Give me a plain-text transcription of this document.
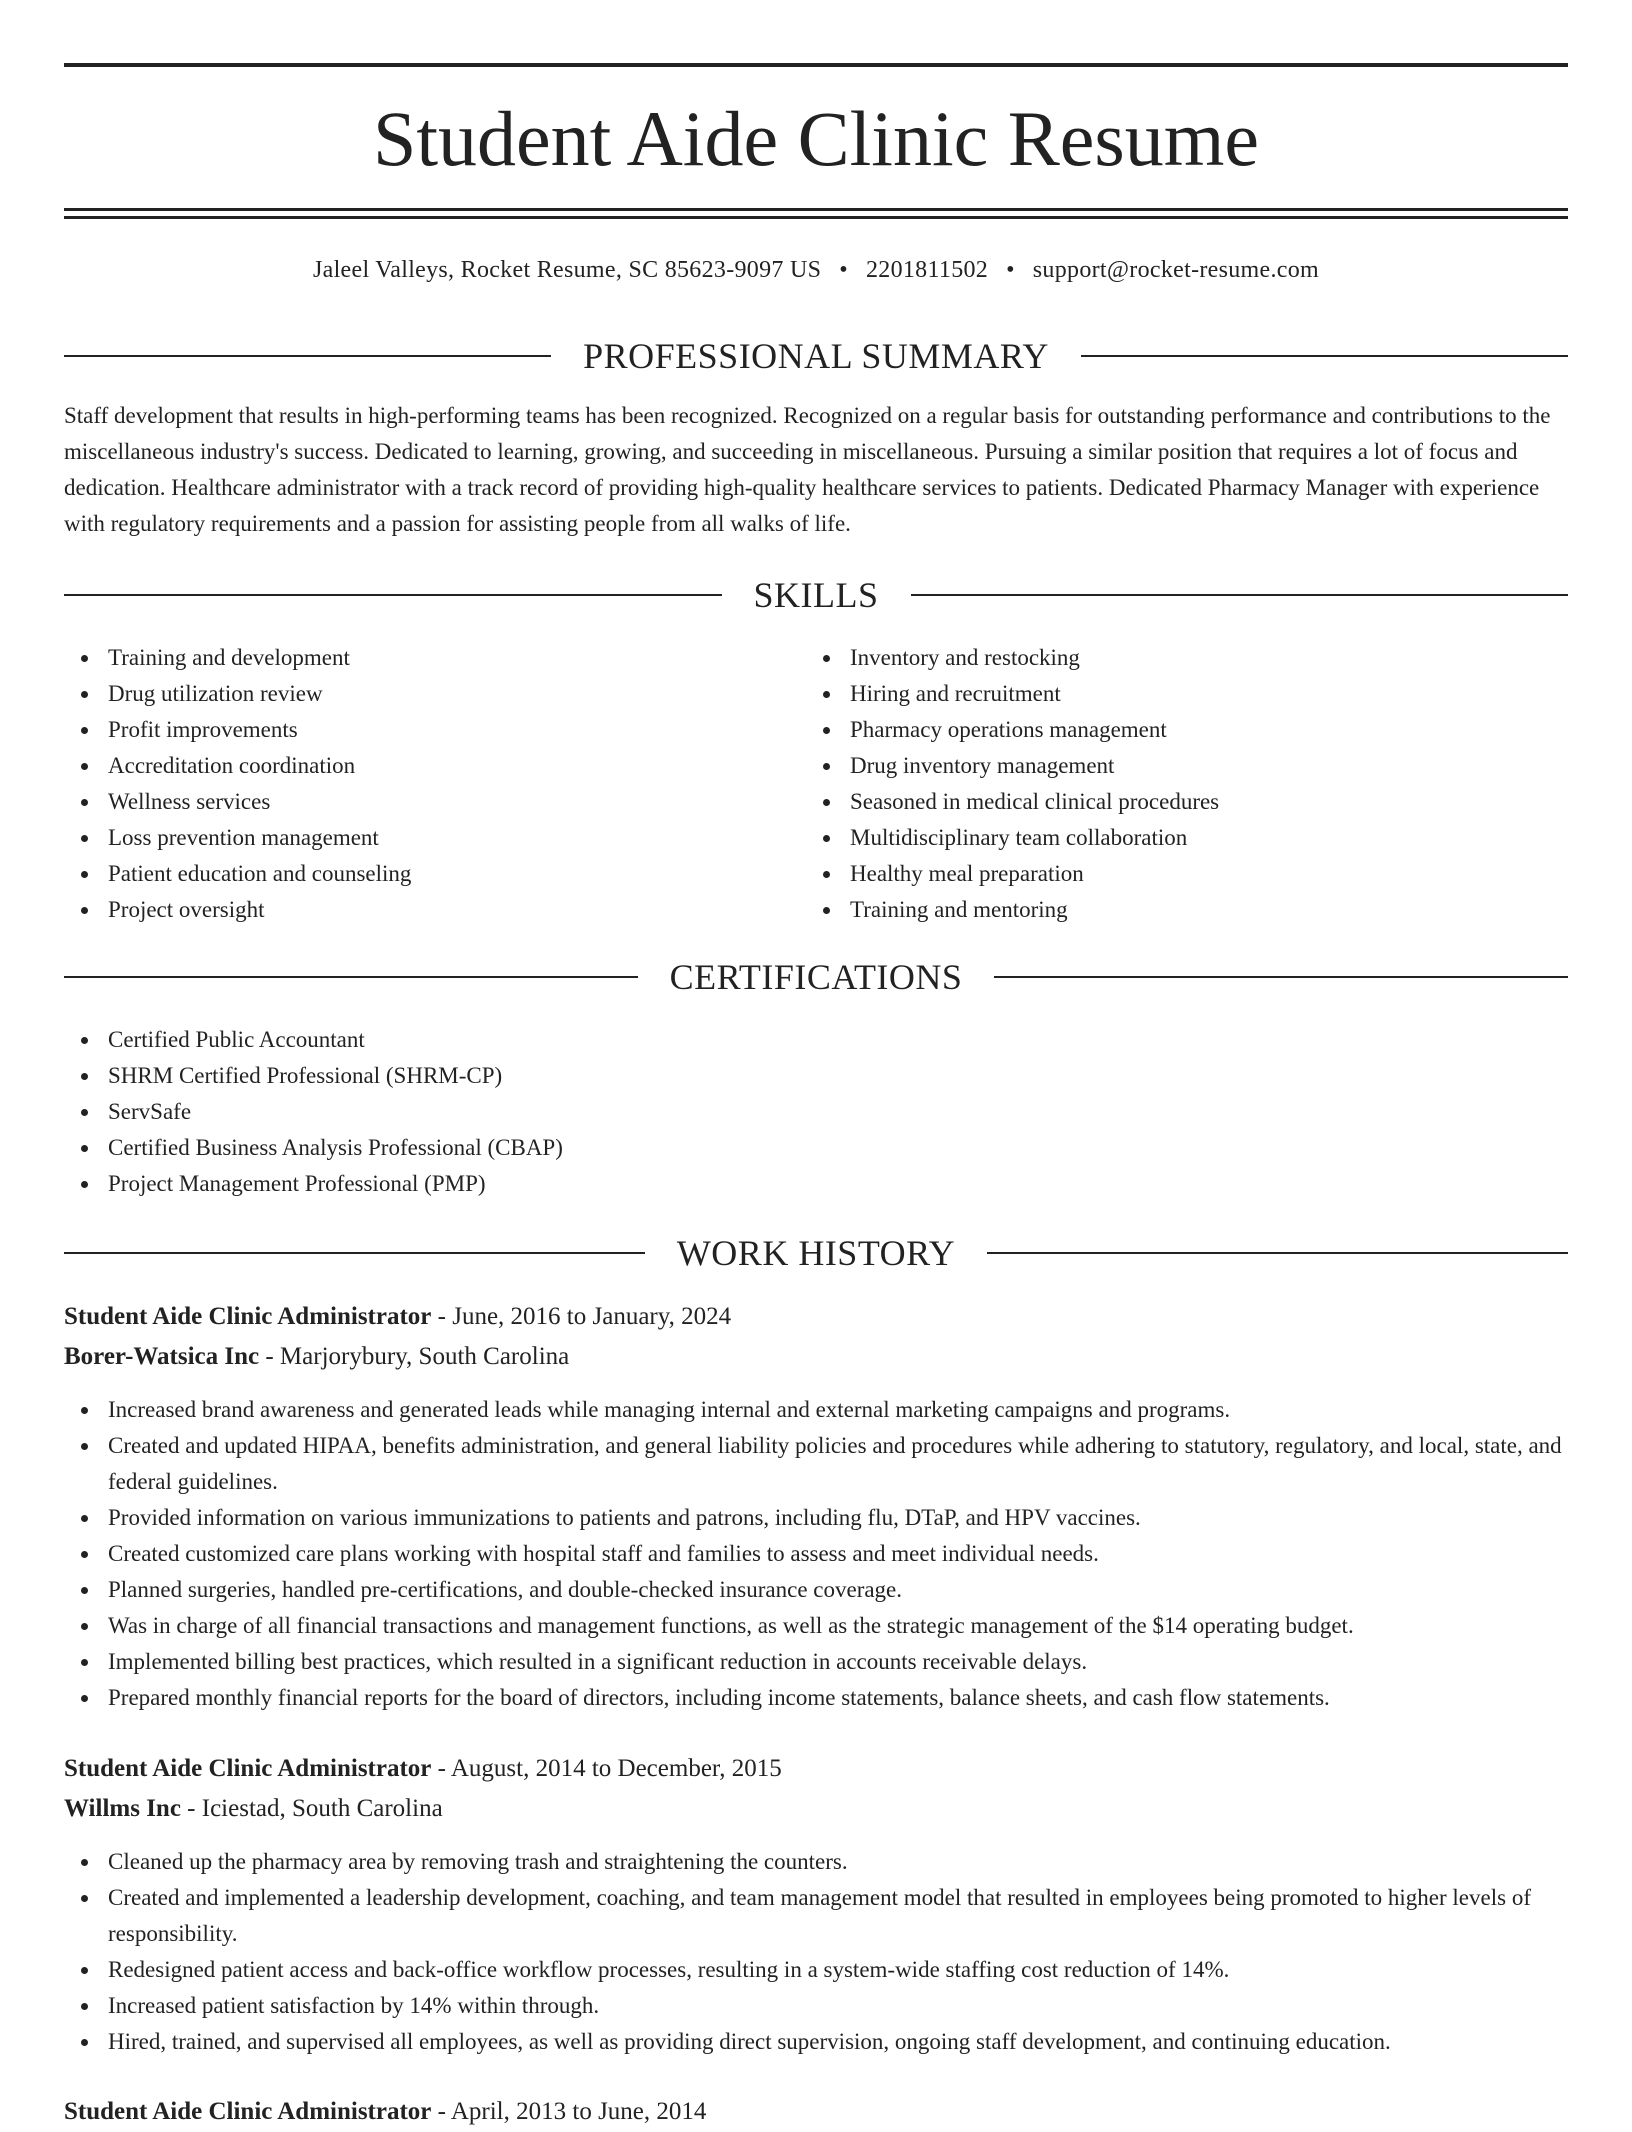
Student Aide Clinic Resume
Jaleel Valleys, Rocket Resume, SC 85623-9097 US • 2201811502 • support@rocket-resume.com
PROFESSIONAL SUMMARY

Staff development that results in high-performing teams has been recognized. Recognized on a regular basis for outstanding performance and contributions to the miscellaneous industry's success. Dedicated to learning, growing, and succeeding in miscellaneous. Pursuing a similar position that requires a lot of focus and dedication. Healthcare administrator with a track record of providing high-quality healthcare services to patients. Dedicated Pharmacy Manager with experience with regulatory requirements and a passion for assisting people from all walks of life.

SKILLS
Training and development
Drug utilization review
Profit improvements
Accreditation coordination
Wellness services
Loss prevention management
Patient education and counseling
Project oversight
Inventory and restocking
Hiring and recruitment
Pharmacy operations management
Drug inventory management
Seasoned in medical clinical procedures
Multidisciplinary team collaboration
Healthy meal preparation
Training and mentoring
CERTIFICATIONS
Certified Public Accountant
SHRM Certified Professional (SHRM-CP)
ServSafe
Certified Business Analysis Professional (CBAP)
Project Management Professional (PMP)
WORK HISTORY
Student Aide Clinic Administrator - June, 2016 to January, 2024
Borer-Watsica Inc - Marjorybury, South Carolina
Increased brand awareness and generated leads while managing internal and external marketing campaigns and programs.
Created and updated HIPAA, benefits administration, and general liability policies and procedures while adhering to statutory, regulatory, and local, state, and federal guidelines.
Provided information on various immunizations to patients and patrons, including flu, DTaP, and HPV vaccines.
Created customized care plans working with hospital staff and families to assess and meet individual needs.
Planned surgeries, handled pre-certifications, and double-checked insurance coverage.
Was in charge of all financial transactions and management functions, as well as the strategic management of the $14 operating budget.
Implemented billing best practices, which resulted in a significant reduction in accounts receivable delays.
Prepared monthly financial reports for the board of directors, including income statements, balance sheets, and cash flow statements.
Student Aide Clinic Administrator - August, 2014 to December, 2015
Willms Inc - Iciestad, South Carolina
Cleaned up the pharmacy area by removing trash and straightening the counters.
Created and implemented a leadership development, coaching, and team management model that resulted in employees being promoted to higher levels of responsibility.
Redesigned patient access and back-office workflow processes, resulting in a system-wide staffing cost reduction of 14%.
Increased patient satisfaction by 14% within through.
Hired, trained, and supervised all employees, as well as providing direct supervision, ongoing staff development, and continuing education.
Student Aide Clinic Administrator - April, 2013 to June, 2014
